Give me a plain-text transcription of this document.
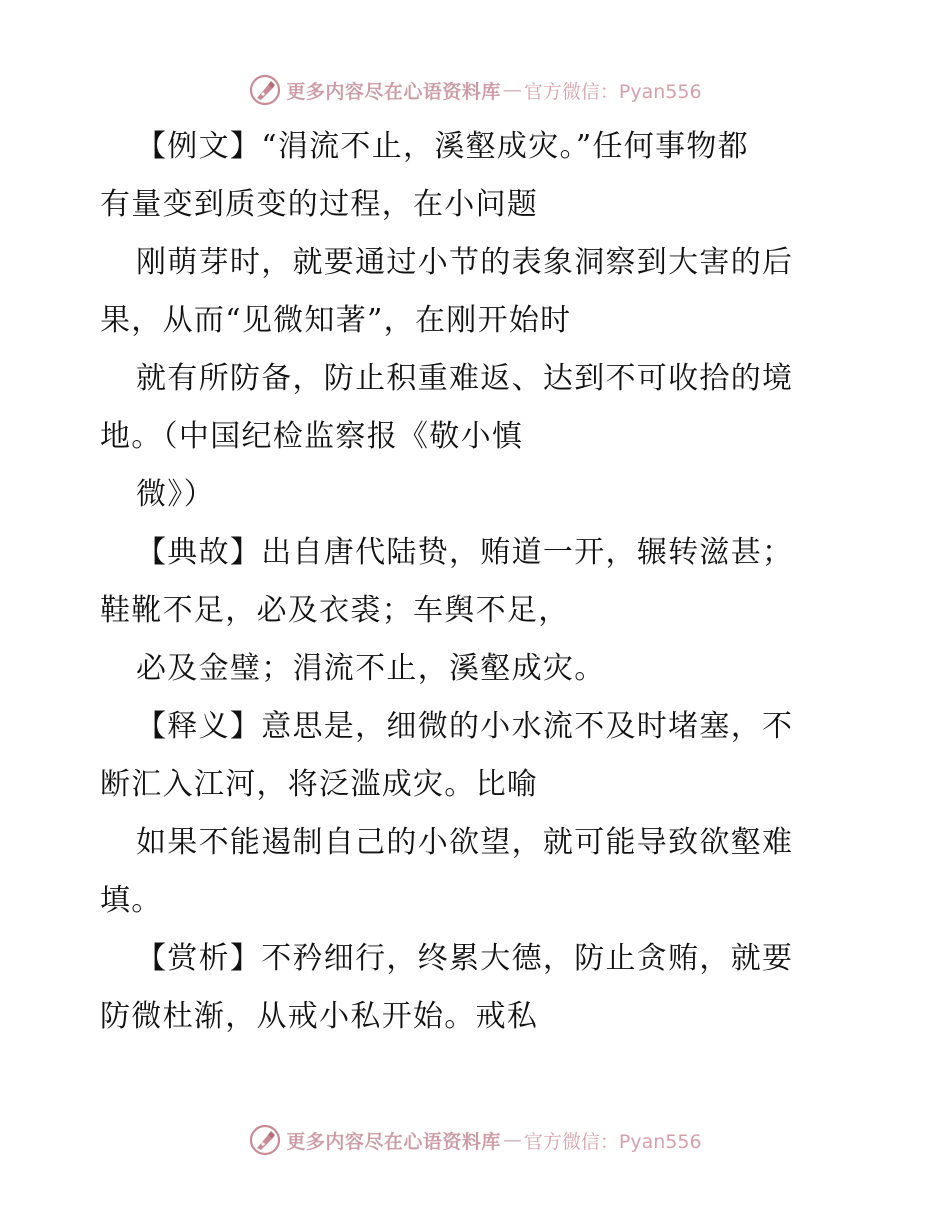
更多内容尽在心语资料库 — 官方微信：Pyan556

【例文】“涓流不止，溪壑成灾。”任何事物都

有量变到质变的过程，在小问题

刚萌芽时，就要通过小节的表象洞察到大害的后

果，从而“见微知著”，在刚开始时

就有所防备，防止积重难返、达到不可收拾的境

地。（中国纪检监察报《敬小慎

微》）

【典故】出自唐代陆贽，贿道一开，辗转滋甚；

鞋靴不足，必及衣裘；车舆不足，

必及金璧；涓流不止，溪壑成灾。

【释义】意思是，细微的小水流不及时堵塞，不

断汇入江河，将泛滥成灾。比喻

如果不能遏制自己的小欲望，就可能导致欲壑难

填。

【赏析】不矜细行，终累大德，防止贪贿，就要

防微杜渐，从戒小私开始。戒私

更多内容尽在心语资料库 — 官方微信：Pyan556
